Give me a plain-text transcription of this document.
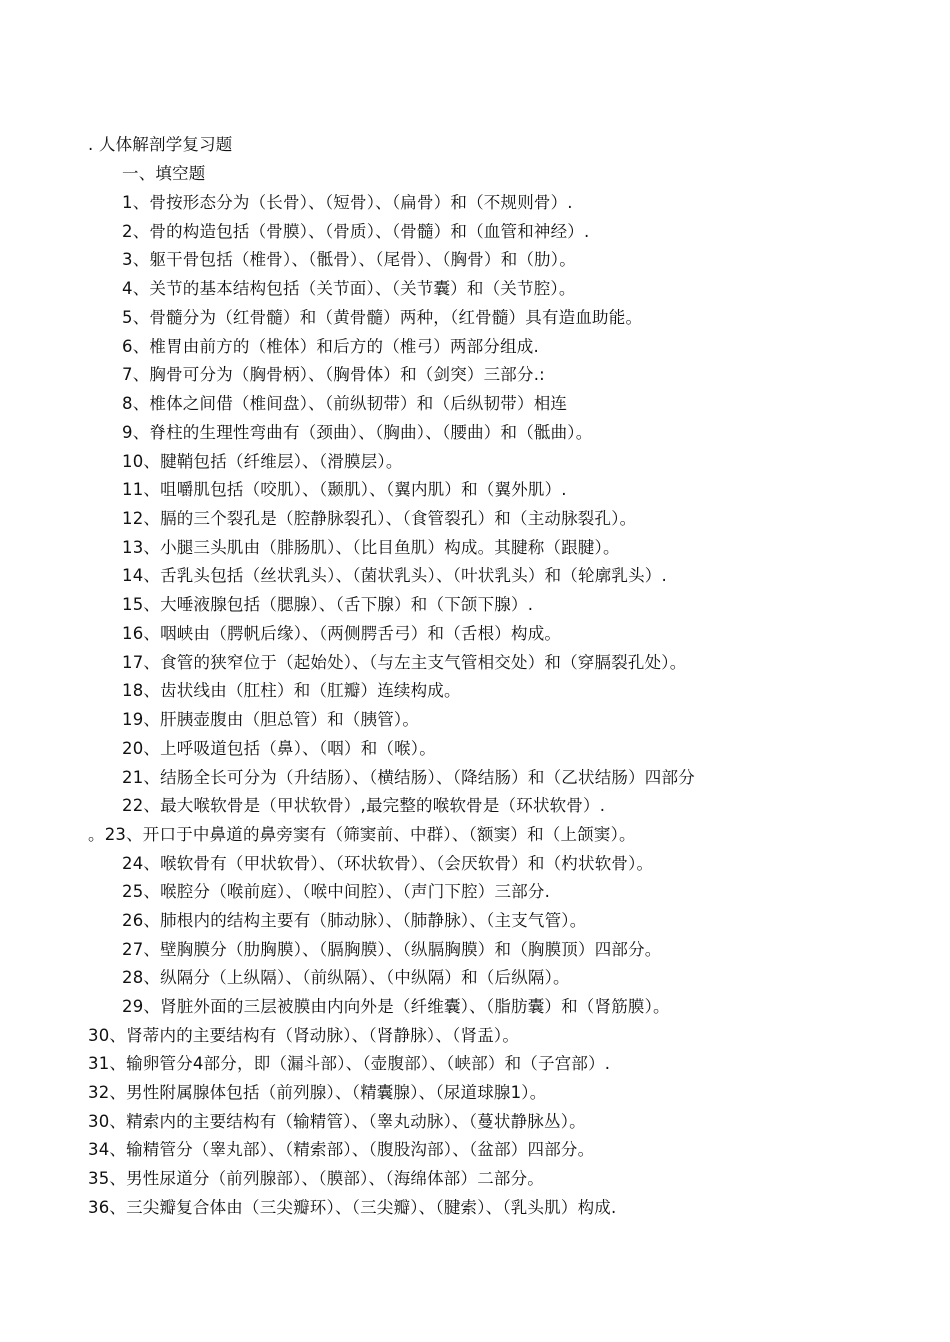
. 人体解剖学复习题
一、填空题
1、骨按形态分为（长骨）、（短骨）、（扁骨）和（不规则骨）.
2、骨的构造包括（骨膜）、（骨质）、（骨髓）和（血管和神经）.
3、躯干骨包括（椎骨）、（骶骨）、（尾骨）、（胸骨）和（肋）。
4、关节的基本结构包括（关节面）、（关节囊）和（关节腔）。
5、骨髓分为（红骨髓）和（黄骨髓）两种，（红骨髓）具有造血助能。
6、椎胃由前方的（椎体）和后方的（椎弓）两部分组成.
7、胸骨可分为（胸骨柄）、（胸骨体）和（剑突）三部分.:
8、椎体之间借（椎间盘）、（前纵韧带）和（后纵韧带）相连
9、脊柱的生理性弯曲有（颈曲）、（胸曲）、（腰曲）和（骶曲）。
10、腱鞘包括（纤维层）、（滑膜层）。
11、咀嚼肌包括（咬肌）、（颞肌）、（翼内肌）和（翼外肌）.
12、膈的三个裂孔是（腔静脉裂孔）、（食管裂孔）和（主动脉裂孔）。
13、小腿三头肌由（腓肠肌）、（比目鱼肌）构成。其腱称（跟腱）。
14、舌乳头包括（丝状乳头）、（菌状乳头）、（叶状乳头）和（轮廓乳头）.
15、大唾液腺包括（腮腺）、（舌下腺）和（下颌下腺）.
16、咽峡由（腭帆后缘）、（两侧腭舌弓）和（舌根）构成。
17、食管的狭窄位于（起始处）、（与左主支气管相交处）和（穿膈裂孔处）。
18、齿状线由（肛柱）和（肛瓣）连续构成。
19、肝胰壶腹由（胆总管）和（胰管）。
20、上呼吸道包括（鼻）、（咽）和（喉）。
21、结肠全长可分为（升结肠）、（横结肠）、（降结肠）和（乙状结肠）四部分
22、最大喉软骨是（甲状软骨）,最完整的喉软骨是（环状软骨）.
。23、开口于中鼻道的鼻旁窦有（筛窦前、中群）、（额窦）和（上颌窦）。
24、喉软骨有（甲状软骨）、（环状软骨）、（会厌软骨）和（杓状软骨）。
25、喉腔分（喉前庭）、（喉中间腔）、（声门下腔）三部分.
26、肺根内的结构主要有（肺动脉）、（肺静脉）、（主支气管）。
27、壁胸膜分（肋胸膜）、（膈胸膜）、（纵膈胸膜）和（胸膜顶）四部分。
28、纵隔分（上纵隔）、（前纵隔）、（中纵隔）和（后纵隔）。
29、肾脏外面的三层被膜由内向外是（纤维囊）、（脂肪囊）和（肾筋膜）。
30、肾蒂内的主要结构有（肾动脉）、（肾静脉）、（肾盂）。
31、输卵管分4部分，即（漏斗部）、（壶腹部）、（峡部）和（子宫部）.
32、男性附属腺体包括（前列腺）、（精囊腺）、（尿道球腺1）。
30、精索内的主要结构有（输精管）、（睾丸动脉）、（蔓状静脉丛）。
34、输精管分（睾丸部）、（精索部）、（腹股沟部）、（盆部）四部分。
35、男性尿道分（前列腺部）、（膜部）、（海绵体部）二部分。
36、三尖瓣复合体由（三尖瓣环）、（三尖瓣）、（腱索）、（乳头肌）构成.
